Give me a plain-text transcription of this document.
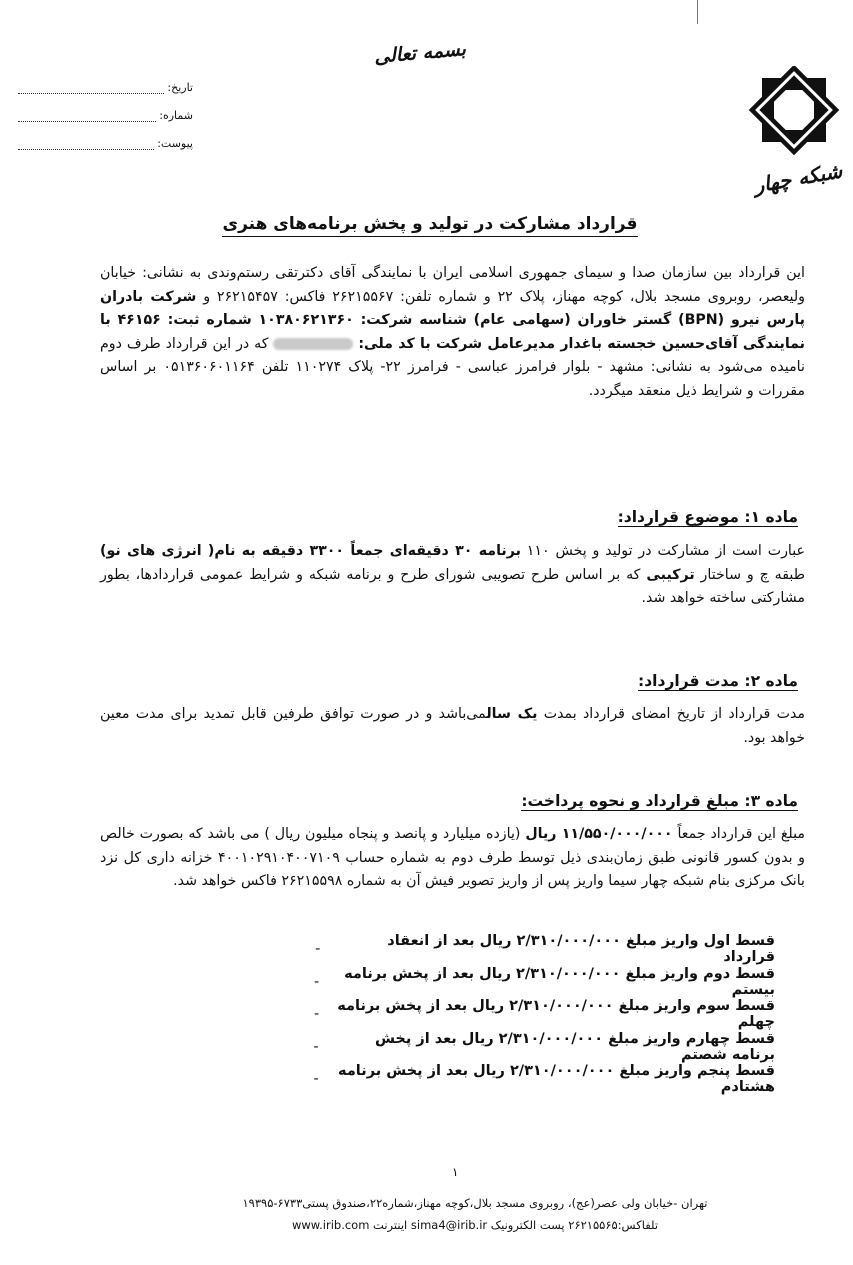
بسمه تعالی
:تاریخ
:شماره
:پیوست
شبکه چهار
قرارداد مشارکت در تولید و پخش برنامه‌های هنری
این قرارداد بین سازمان صدا و سیمای جمهوری اسلامی ایران با نمایندگی آقای دکترتقی رستم‌وندی به نشانی: خیابان ولیعصر، روبروی مسجد بلال، کوچه مهناز، پلاک ۲۲ و شماره تلفن: ۲۶۲۱۵۵۶۷ فاکس: ۲۶۲۱۵۴۵۷ و شرکت بادران پارس نیرو (BPN) گستر خاوران (سهامی عام) شناسه شرکت: ۱۰۳۸۰۶۲۱۳۶۰ شماره ثبت: ۴۶۱۵۶ با نمایندگی آقای‌حسین خجسته باغدار مدیرعامل شرکت با کد ملی:  که در این قرارداد طرف دوم نامیده می‌شود به نشانی: مشهد - بلوار فرامرز عباسی - فرامرز ۲۲- پلاک ۱۱۰۲۷۴ تلفن ۰۵۱۳۶۰۶۰۱۱۶۴ بر اساس مقررات و شرایط ذیل منعقد میگردد.
ماده ۱: موضوع قرارداد:
عبارت است از مشارکت در تولید و پخش ۱۱۰ برنامه ۳۰ دقیقه‌ای جمعاً ۳۳۰۰ دقیقه به نام( انرژی های نو) طبقه چ و ساختار ترکیبی که بر اساس طرح تصویبی شورای طرح و برنامه شبکه و شرایط عمومی قراردادها، بطور مشارکتی ساخته خواهد شد.
ماده ۲: مدت قرارداد:
مدت قرارداد از تاریخ امضای قرارداد بمدت یک سالمی‌باشد و در صورت توافق طرفین قابل تمدید برای مدت معین خواهد بود.
ماده ۳: مبلغ قرارداد و نحوه پرداخت:
مبلغ این قرارداد جمعاً ۱۱/۵۵۰/۰۰۰/۰۰۰ ریال (یازده میلیارد و پانصد و پنجاه میلیون ریال ) می باشد که بصورت خالص و بدون کسور قانونی طبق زمان‌بندی ذیل توسط طرف دوم به شماره حساب ۴۰۰۱۰۲۹۱۰۴۰۰۷۱۰۹ خزانه داری کل نزد بانک مرکزی بنام شبکه چهار سیما واریز پس از واریز تصویر فیش آن به شماره ۲۶۲۱۵۵۹۸ فاکس خواهد شد.
-	قسط اول واریز مبلغ ۲/۳۱۰/۰۰۰/۰۰۰ ریال بعد از انعقاد قرارداد
-	قسط دوم واریز مبلغ ۲/۳۱۰/۰۰۰/۰۰۰ ریال بعد از پخش برنامه بیستم
-	قسط سوم واریز مبلغ ۲/۳۱۰/۰۰۰/۰۰۰ ریال بعد از پخش برنامه چهلم
-	قسط چهارم واریز مبلغ ۲/۳۱۰/۰۰۰/۰۰۰ ریال بعد از پخش برنامه شصتم
-	قسط پنجم واریز مبلغ ۲/۳۱۰/۰۰۰/۰۰۰ ریال بعد از پخش برنامه هشتادم
۱
تهران -خیابان ولی عصر(عج)، روبروی مسجد بلال،کوچه مهناز،شماره۲۲،صندوق پستی۶۷۳۳-۱۹۳۹۵
تلفاکس:۲۶۲۱۵۵۶۵ پست الکترونیک sima4@irib.ir اینترنت www.irib.com
